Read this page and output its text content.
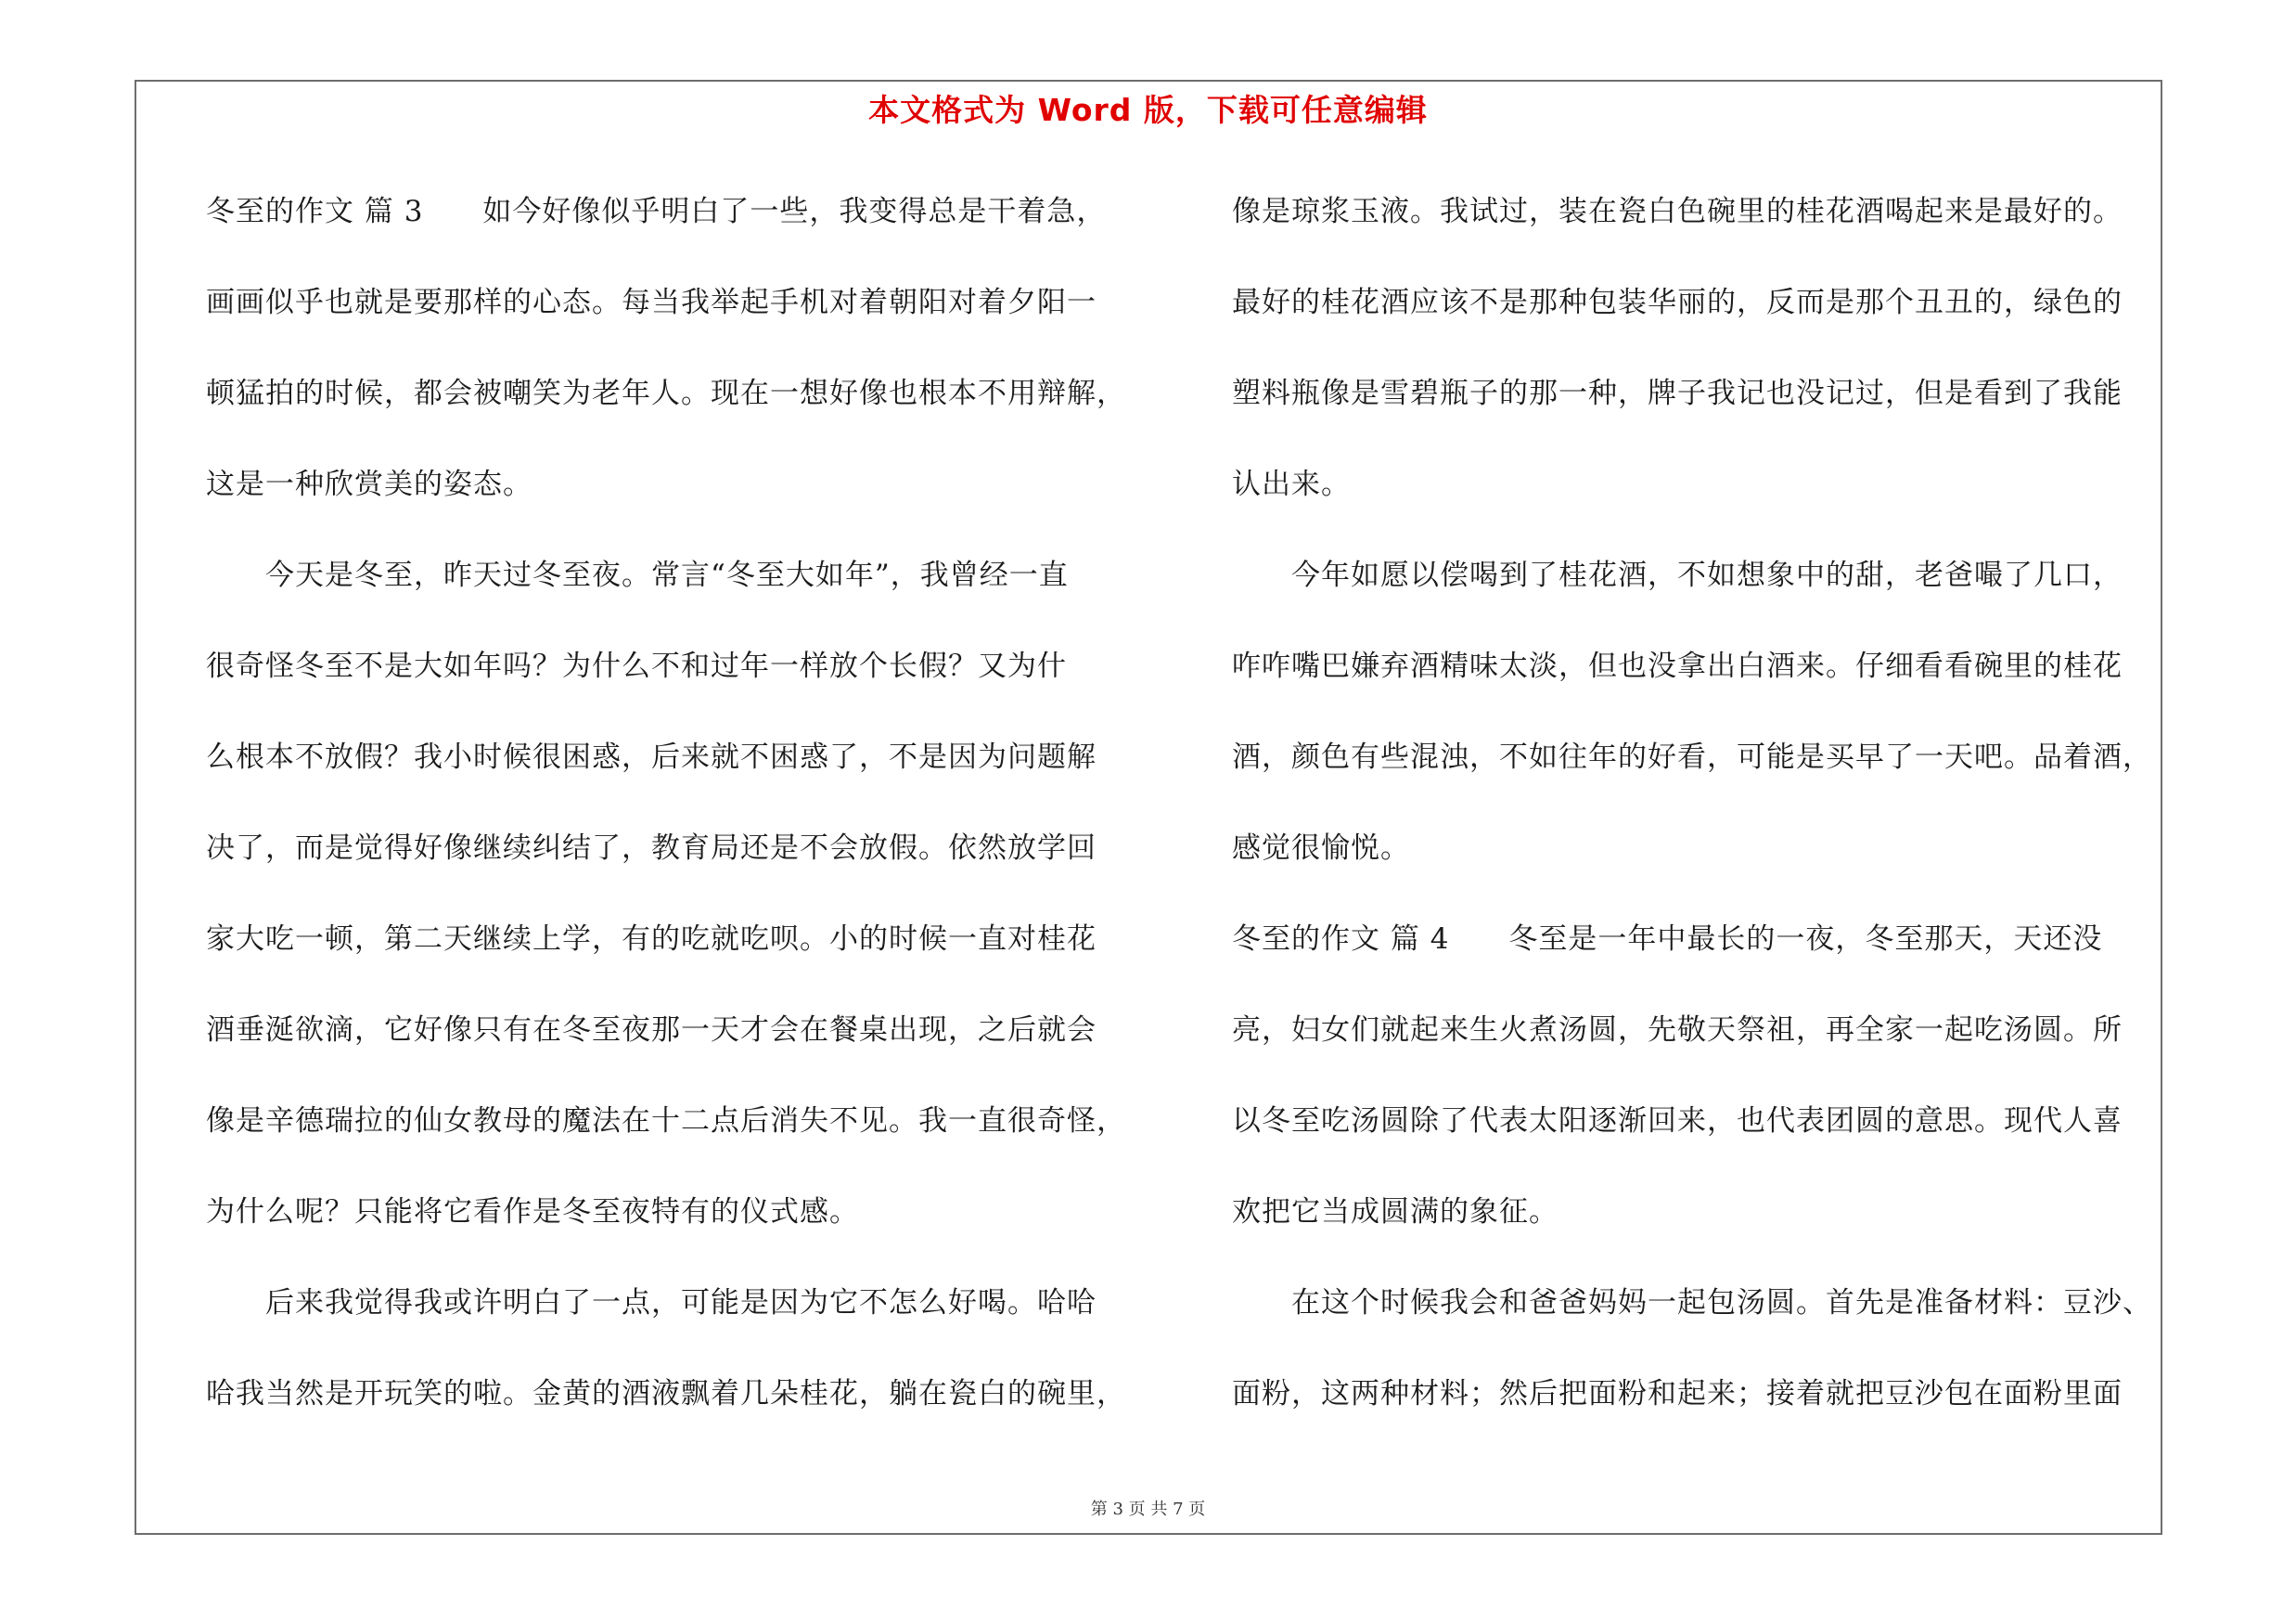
本文格式为 Word 版，下载可任意编辑
冬至的作文 篇 3　　如今好像似乎明白了一些，我变得总是干着急，
画画似乎也就是要那样的心态。每当我举起手机对着朝阳对着夕阳一
顿猛拍的时候，都会被嘲笑为老年人。现在一想好像也根本不用辩解，
这是一种欣赏美的姿态。
　　今天是冬至，昨天过冬至夜。常言“冬至大如年”，我曾经一直
很奇怪冬至不是大如年吗？为什么不和过年一样放个长假？又为什
么根本不放假？我小时候很困惑，后来就不困惑了，不是因为问题解
决了，而是觉得好像继续纠结了，教育局还是不会放假。依然放学回
家大吃一顿，第二天继续上学，有的吃就吃呗。小的时候一直对桂花
酒垂涎欲滴，它好像只有在冬至夜那一天才会在餐桌出现，之后就会
像是辛德瑞拉的仙女教母的魔法在十二点后消失不见。我一直很奇怪，
为什么呢？只能将它看作是冬至夜特有的仪式感。
　　后来我觉得我或许明白了一点，可能是因为它不怎么好喝。哈哈
哈我当然是开玩笑的啦。金黄的酒液飘着几朵桂花，躺在瓷白的碗里，
像是琼浆玉液。我试过，装在瓷白色碗里的桂花酒喝起来是最好的。
最好的桂花酒应该不是那种包装华丽的，反而是那个丑丑的，绿色的
塑料瓶像是雪碧瓶子的那一种，牌子我记也没记过，但是看到了我能
认出来。
　　今年如愿以偿喝到了桂花酒，不如想象中的甜，老爸嘬了几口，
咋咋嘴巴嫌弃酒精味太淡，但也没拿出白酒来。仔细看看碗里的桂花
酒，颜色有些混浊，不如往年的好看，可能是买早了一天吧。品着酒，
感觉很愉悦。
冬至的作文 篇 4　　冬至是一年中最长的一夜，冬至那天，天还没
亮，妇女们就起来生火煮汤圆，先敬天祭祖，再全家一起吃汤圆。所
以冬至吃汤圆除了代表太阳逐渐回来，也代表团圆的意思。现代人喜
欢把它当成圆满的象征。
　　在这个时候我会和爸爸妈妈一起包汤圆。首先是准备材料：豆沙、
面粉，这两种材料；然后把面粉和起来；接着就把豆沙包在面粉里面
第 3 页 共 7 页
